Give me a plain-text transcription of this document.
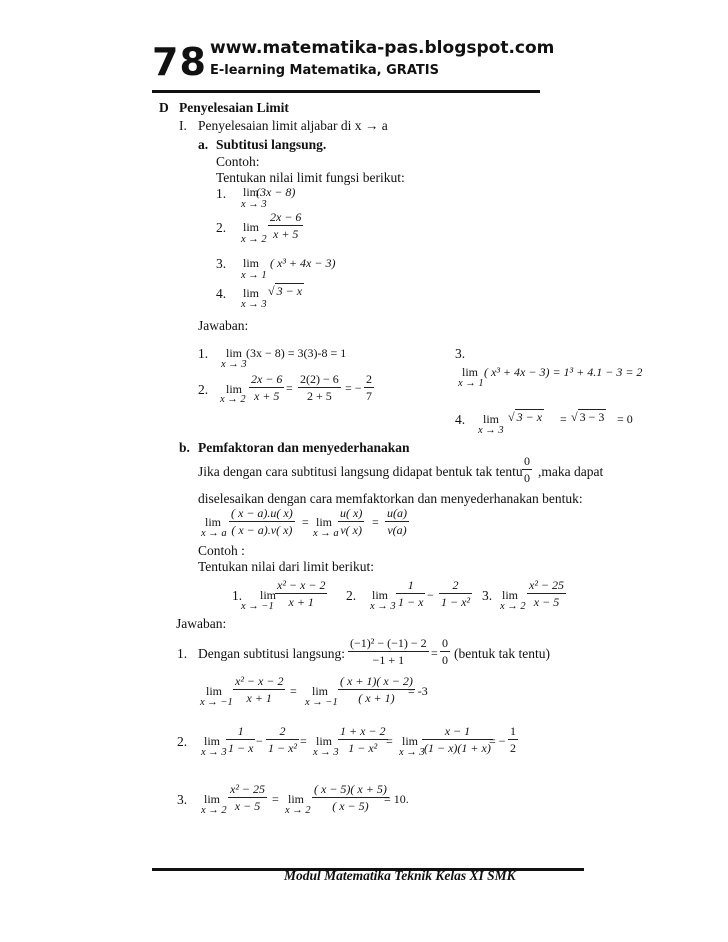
78 www.matematika-pas.blogspot.com
E-learning Matematika, GRATIS
D Penyelesaian Limit
I. Penyelesaian limit aljabar di x → a
a. Subtitusi langsung.
Contoh:
Tentukan nilai limit fungsi berikut:
1. lim
(3x − 8)
x → 3
2. $\lim \frac{2x - 6}{x + 5}$
x → 2
3. lim ( x³ + 4x − 3)
x → 1
4. lim √ 3 − x
x → 3
Jawaban:
1. lim (3x − 8) = 3(3)-8 = 1
x → 3
2. $\lim \frac{2x - 6}{x + 5} = \frac{2(2) - 6}{2 + 5}$ = − $\frac{2}{7}$
x → 2
3.
lim ( x³ + 4x − 3) = 1³ + 4.1 − 3 = 2
x → 1
4. lim √ 3 − x = √ 3 − 3 = 0
x → 3
b. Pemfaktoran dan menyederhanakan
Jika dengan cara subtitusi langsung didapat bentuk tak tentu $\frac{0}{0}$ ,maka dapat
diselesaikan dengan cara memfaktorkan dan menyederhanakan bentuk:
lim
x → a $\frac{( x - a).u( x)}{( x - a).v( x)} = \lim$
x → a $\frac{u( x)}{v( x)} = \frac{u(a)}{v(a)}$
Contoh :
Tentukan nilai dari limit berikut:
1. lim
$x \to -1 \frac{\text{x² − x − 2}}{x + 1} 2$. lim
$x \to 3 \frac{1}{1 - x} - \frac{2}{\text{1 − x²}} 3$. lim
$x \to 2 \frac{\text{x² − 25}}{x - 5}$
Jawaban:
1. Dengan subtitusi langsung: $\frac{\text{(−1)² − (−1) − 2}}{-1 + 1} = \frac{0}{0}$ (bentuk tak tentu)
lim
$x \to -1 \frac{\text{x² − x − 2}}{x + 1} = \lim$
$x \to -1 \frac{( x + 1)( x - 2)}{( x + 1)}$
= -3
2. lim
$x \to 3 \frac{1}{1 - x} - \frac{2}{\text{1 − x²}} = \lim$
$x \to 3 \frac{1 + x - 2}{\text{1 − x²}}$
= lim
x → 3
$\frac{x - 1}{(1 - x)(1 + x)}$
= − $\frac{1}{2}$
3. lim
$x \to 2 \frac{\text{x² − 25}}{x - 5} = \lim$
$x \to 2 \frac{( x - 5)( x + 5)}{( x - 5)}$
= 10.
Modul Matematika Teknik Kelas XI SMK
